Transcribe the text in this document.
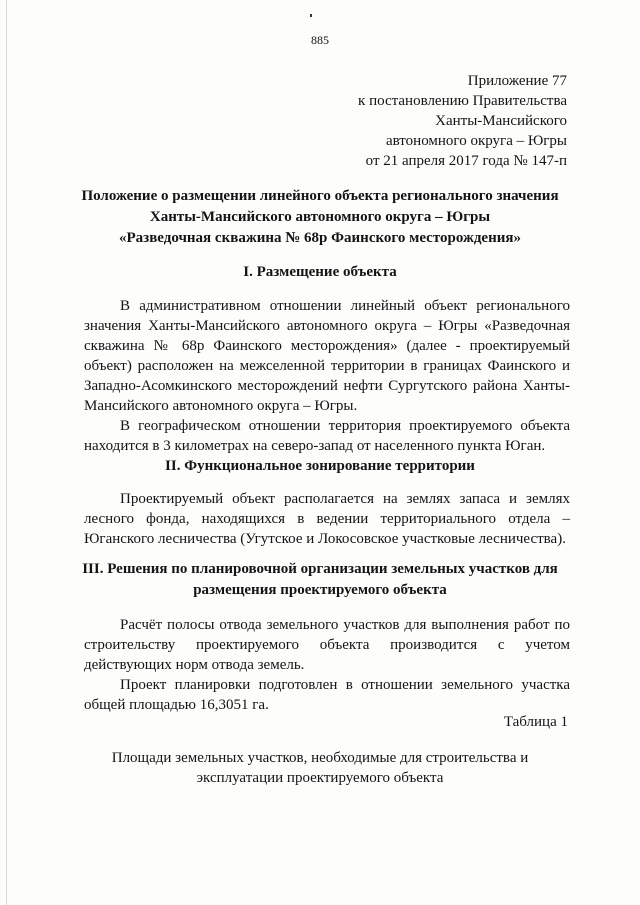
885
Приложение 77
к постановлению Правительства
Ханты-Мансийского
автономного округа – Югры
от 21 апреля 2017 года № 147-п
Положение о размещении линейного объекта регионального значения
Ханты-Мансийского автономного округа – Югры
«Разведочная скважина № 68р Фаинского месторождения»
I. Размещение объекта

В административном отношении линейный объект регионального значения Ханты-Мансийского автономного округа – Югры «Разведочная скважина № 68р Фаинского месторождения» (далее - проектируемый объект) расположен на межселенной территории в границах Фаинского и Западно-Асомкинского месторождений нефти Сургутского района Ханты-Мансийского автономного округа – Югры.

В географическом отношении территория проектируемого объекта находится в 3 километрах на северо-запад от населенного пункта Юган.

II. Функциональное зонирование территории

Проектируемый объект располагается на землях запаса и землях лесного фонда, находящихся в ведении территориального отдела – Юганского лесничества (Угутское и Локосовское участковые лесничества).

III. Решения по планировочной организации земельных участков для
размещения проектируемого объекта

Расчёт полосы отвода земельного участков для выполнения работ по строительству проектируемого объекта производится с учетом действующих норм отвода земель.

Проект планировки подготовлен в отношении земельного участка общей площадью 16,3051 га.

Таблица 1
Площади земельных участков, необходимые для строительства и
эксплуатации проектируемого объекта
